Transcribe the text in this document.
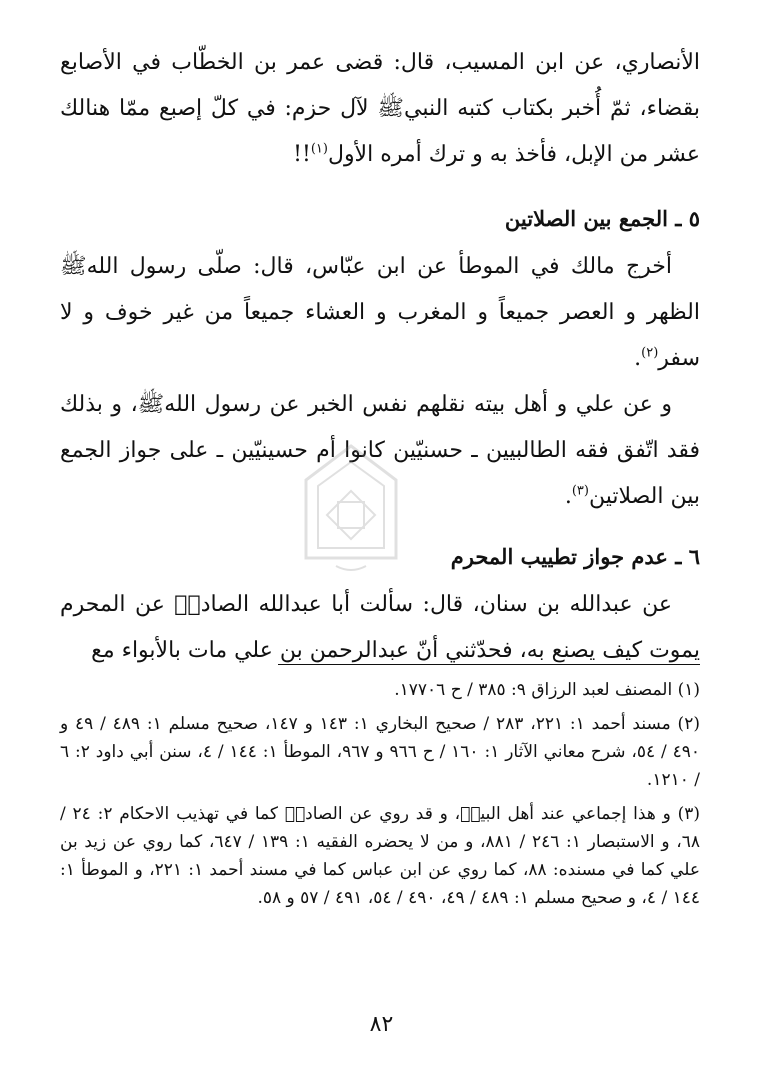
الأنصاري، عن ابن المسيب، قال: قضى عمر بن الخطّاب في الأصابع بقضاء، ثمّ أُخبر بكتاب كتبه النبيﷺ لآل حزم: في كلّ إصبع ممّا هنالك عشر من الإبل، فأخذ به و ترك أمره الأول$^{(١)}$!!

٥ ـ الجمع بين الصلاتين

أخرج مالك في الموطأ عن ابن عبّاس، قال: صلّى رسول اللهﷺ الظهر و العصر جميعاً و المغرب و العشاء جميعاً من غير خوف و لا سفر$^{(٢)}$.

و عن علي و أهل بيته نقلهم نفس الخبر عن رسول اللهﷺ، و بذلك فقد اتّفق فقه الطالبيين ـ حسنيّين كانوا أم حسينيّين ـ على جواز الجمع بين الصلاتين$^{(٣)}$.

٦ ـ عدم جواز تطييب المحرم

عن عبدالله بن سنان، قال: سألت أبا عبدالله الصادقؑ عن المحرم يموت كيف يصنع به، فحدّثني أنّ عبدالرحمن بن علي مات بالأبواء مع

(١) المصنف لعبد الرزاق ٩: ٣٨٥ / ح ١٧٧٠٦.

(٢) مسند أحمد ١: ٢٢١، ٢٨٣ / صحيح البخاري ١: ١٤٣ و ١٤٧، صحيح مسلم ١: ٤٨٩ / ٤٩ و ٤٩٠ / ٥٤، شرح معاني الآثار ١: ١٦٠ / ح ٩٦٦ و ٩٦٧، الموطأ ١: ١٤٤ / ٤، سنن أبي داود ٢: ٦ / ١٢١٠.

(٣) و هذا إجماعي عند أهل البيتؑ، و قد روي عن الصادقؑ كما في تهذيب الاحكام ٢: ٢٤ / ٦٨، و الاستبصار ١: ٢٤٦ / ٨٨١، و من لا يحضره الفقيه ١: ١٣٩ / ٦٤٧، كما روي عن زيد بن علي كما في مسنده: ٨٨، كما روي عن ابن عباس كما في مسند أحمد ١: ٢٢١، و الموطأ ١: ١٤٤ / ٤، و صحيح مسلم ١: ٤٨٩ / ٤٩، ٤٩٠ / ٥٤، ٤٩١ / ٥٧ و ٥٨.

٨٢
